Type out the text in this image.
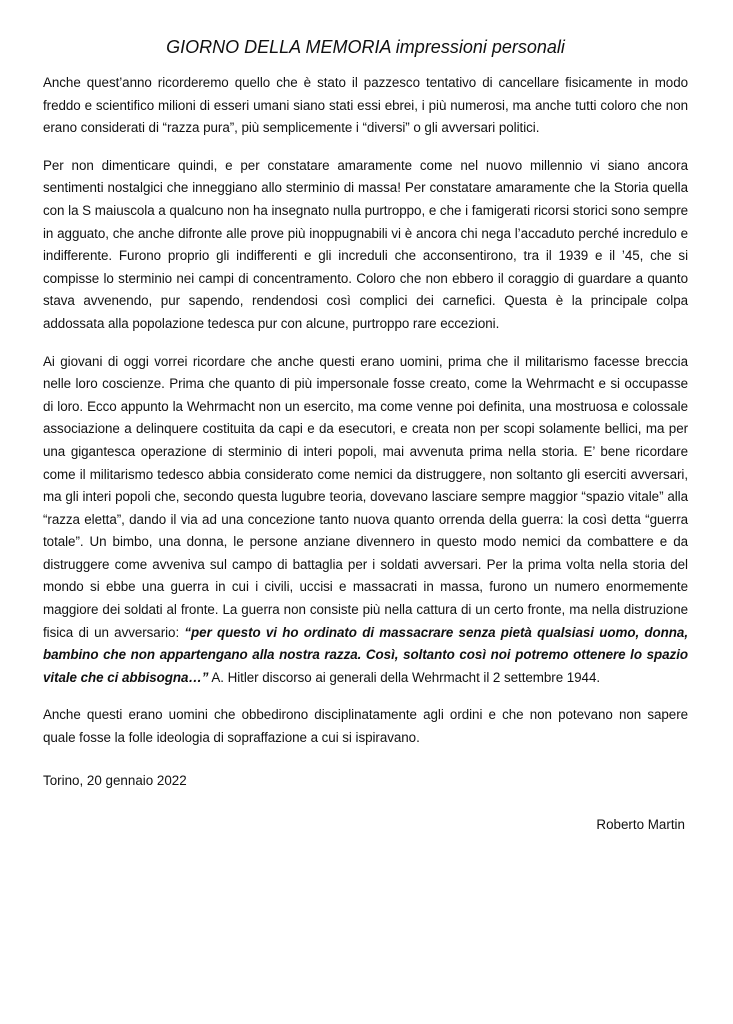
GIORNO DELLA MEMORIA impressioni personali

Anche quest’anno ricorderemo quello che è stato il pazzesco tentativo di cancellare fisicamente in modo freddo e scientifico milioni di esseri umani siano stati essi ebrei, i più numerosi, ma anche tutti coloro che non erano considerati di “razza pura”, più semplicemente i “diversi” o gli avversari politici.

Per non dimenticare quindi, e per constatare amaramente come nel nuovo millennio vi siano ancora sentimenti nostalgici che inneggiano allo sterminio di massa! Per constatare amaramente che la Storia quella con la S maiuscola a qualcuno non ha insegnato nulla purtroppo, e che i famigerati ricorsi storici sono sempre in agguato, che anche difronte alle prove più inoppugnabili vi è ancora chi nega l’accaduto perché incredulo e indifferente. Furono proprio gli indifferenti e gli increduli che acconsentirono, tra il 1939 e il ’45, che si compisse lo sterminio nei campi di concentramento. Coloro che non ebbero il coraggio di guardare a quanto stava avvenendo, pur sapendo, rendendosi così complici dei carnefici. Questa è la principale colpa addossata alla popolazione tedesca pur con alcune, purtroppo rare eccezioni.

Ai giovani di oggi vorrei ricordare che anche questi erano uomini, prima che il militarismo facesse breccia nelle loro coscienze. Prima che quanto di più impersonale fosse creato, come la Wehrmacht e si occupasse di loro. Ecco appunto la Wehrmacht non un esercito, ma come venne poi definita, una mostruosa e colossale associazione a delinquere costituita da capi e da esecutori, e creata non per scopi solamente bellici, ma per una gigantesca operazione di sterminio di interi popoli, mai avvenuta prima nella storia. E’ bene ricordare come il militarismo tedesco abbia considerato come nemici da distruggere, non soltanto gli eserciti avversari, ma gli interi popoli che, secondo questa lugubre teoria, dovevano lasciare sempre maggior “spazio vitale” alla “razza eletta”, dando il via ad una concezione tanto nuova quanto orrenda della guerra: la così detta “guerra totale”. Un bimbo, una donna, le persone anziane divennero in questo modo nemici da combattere e da distruggere come avveniva sul campo di battaglia per i soldati avversari. Per la prima volta nella storia del mondo si ebbe una guerra in cui i civili, uccisi e massacrati in massa, furono un numero enormemente maggiore dei soldati al fronte. La guerra non consiste più nella cattura di un certo fronte, ma nella distruzione fisica di un avversario: “per questo vi ho ordinato di massacrare senza pietà qualsiasi uomo, donna, bambino che non appartengano alla nostra razza. Così, soltanto così noi potremo ottenere lo spazio vitale che ci abbisogna…” A. Hitler discorso ai generali della Wehrmacht il 2 settembre 1944.

Anche questi erano uomini che obbedirono disciplinatamente agli ordini e che non potevano non sapere quale fosse la folle ideologia di sopraffazione a cui si ispiravano.

Torino, 20 gennaio 2022
Roberto Martin
